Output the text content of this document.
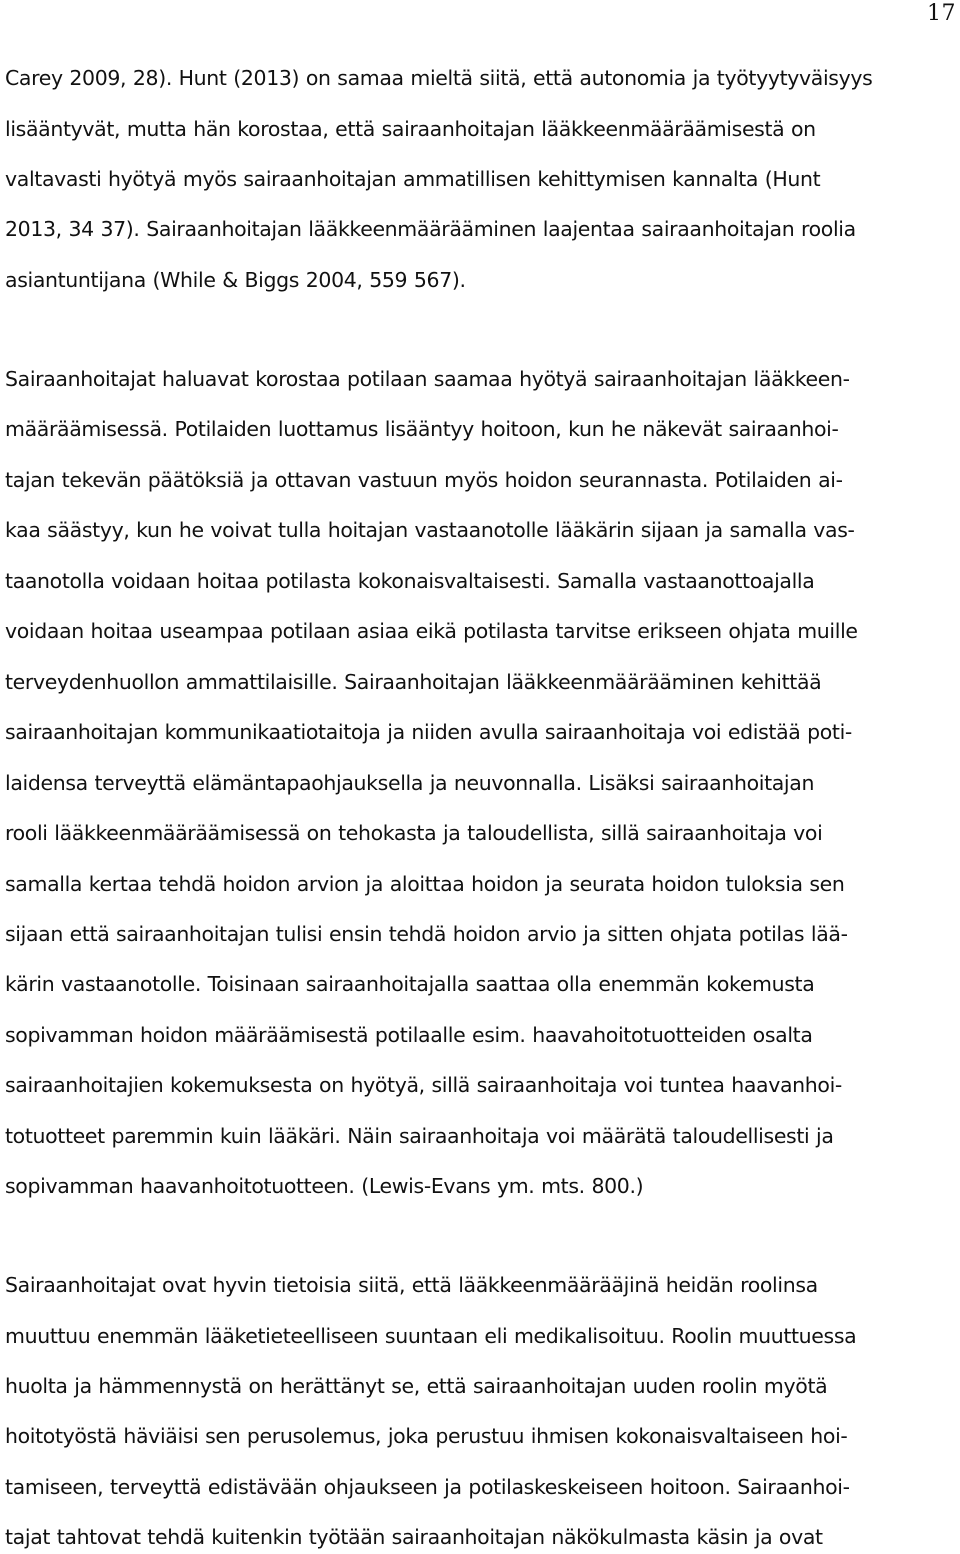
17
Carey 2009, 28). Hunt (2013) on samaa mieltä siitä, että autonomia ja työtyytyväisyys
lisääntyvät, mutta hän korostaa, että sairaanhoitajan lääkkeenmääräämisestä on
valtavasti hyötyä myös sairaanhoitajan ammatillisen kehittymisen kannalta (Hunt
2013, 34 37). Sairaanhoitajan lääkkeenmäärääminen laajentaa sairaanhoitajan roolia
asiantuntijana (While & Biggs 2004, 559 567).
Sairaanhoitajat haluavat korostaa potilaan saamaa hyötyä sairaanhoitajan lääkkeen-
määräämisessä. Potilaiden luottamus lisääntyy hoitoon, kun he näkevät sairaanhoi-
tajan tekevän päätöksiä ja ottavan vastuun myös hoidon seurannasta. Potilaiden ai-
kaa säästyy, kun he voivat tulla hoitajan vastaanotolle lääkärin sijaan ja samalla vas-
taanotolla voidaan hoitaa potilasta kokonaisvaltaisesti. Samalla vastaanottoajalla
voidaan hoitaa useampaa potilaan asiaa eikä potilasta tarvitse erikseen ohjata muille
terveydenhuollon ammattilaisille. Sairaanhoitajan lääkkeenmäärääminen kehittää
sairaanhoitajan kommunikaatiotaitoja ja niiden avulla sairaanhoitaja voi edistää poti-
laidensa terveyttä elämäntapaohjauksella ja neuvonnalla. Lisäksi sairaanhoitajan
rooli lääkkeenmääräämisessä on tehokasta ja taloudellista, sillä sairaanhoitaja voi
samalla kertaa tehdä hoidon arvion ja aloittaa hoidon ja seurata hoidon tuloksia sen
sijaan että sairaanhoitajan tulisi ensin tehdä hoidon arvio ja sitten ohjata potilas lää-
kärin vastaanotolle. Toisinaan sairaanhoitajalla saattaa olla enemmän kokemusta
sopivamman hoidon määräämisestä potilaalle esim. haavahoitotuotteiden osalta
sairaanhoitajien kokemuksesta on hyötyä, sillä sairaanhoitaja voi tuntea haavanhoi-
totuotteet paremmin kuin lääkäri. Näin sairaanhoitaja voi määrätä taloudellisesti ja
sopivamman haavanhoitotuotteen. (Lewis-Evans ym. mts. 800.)
Sairaanhoitajat ovat hyvin tietoisia siitä, että lääkkeenmäärääjinä heidän roolinsa
muuttuu enemmän lääketieteelliseen suuntaan eli medikalisoituu. Roolin muuttuessa
huolta ja hämmennystä on herättänyt se, että sairaanhoitajan uuden roolin myötä
hoitotyöstä häviäisi sen perusolemus, joka perustuu ihmisen kokonaisvaltaiseen hoi-
tamiseen, terveyttä edistävään ohjaukseen ja potilaskeskeiseen hoitoon. Sairaanhoi-
tajat tahtovat tehdä kuitenkin työtään sairaanhoitajan näkökulmasta käsin ja ovat
